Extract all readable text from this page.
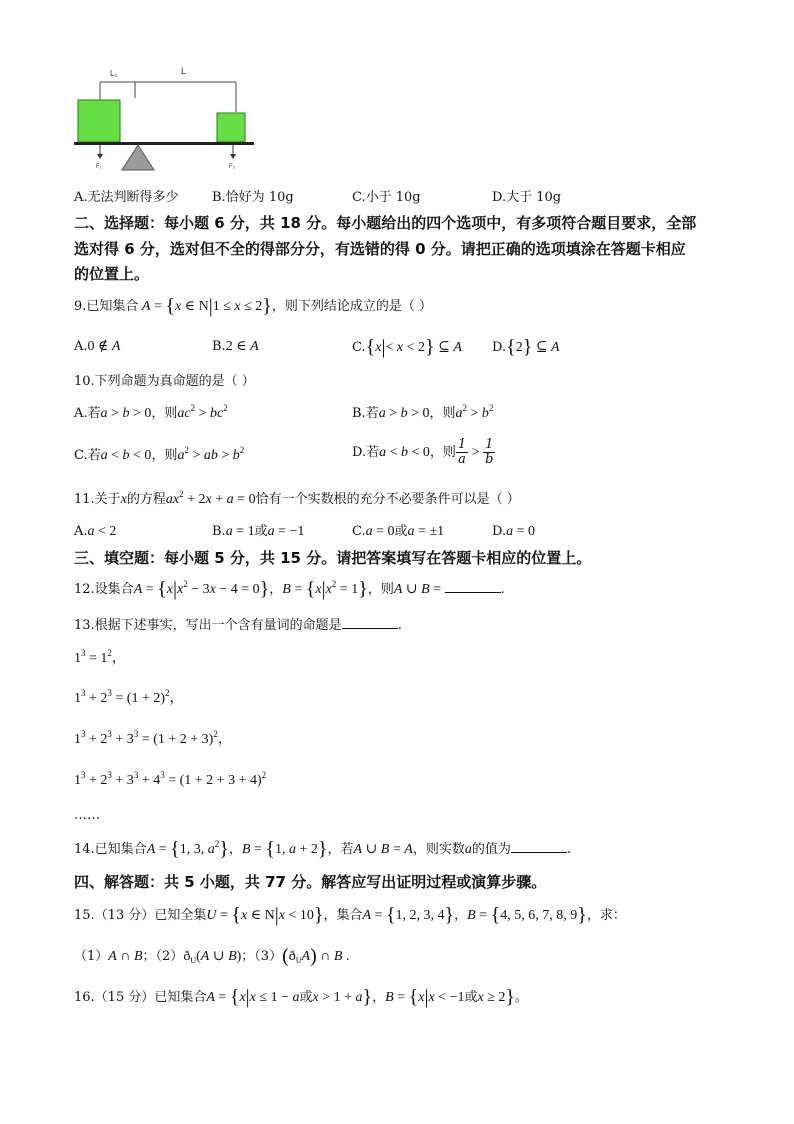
L₁	L
F₁	F₂
A.无法判断得多少	B.恰好为 10g	C.小于 10g	D.大于 10g
二、选择题：每小题 6 分，共 18 分。每小题给出的四个选项中，有多项符合题目要求，全部
选对得 6 分，选对但不全的得部分分，有选错的得 0 分。请把正确的选项填涂在答题卡相应
的位置上。
9.已知集合 A = {x ∈ N|1 ≤ x ≤ 2}，则下列结论成立的是（ ）
A.0 ∉ A	B.2 ∈ A	C.{x|< x < 2} ⊆ A D.{2} ⊆ A
10.下列命题为真命题的是（ ）
A.若a > b > 0，则$ac^2 > bc^2$	B.若a > b > 0，则$a^2 > b^2$
C.若a < b < 0，则$a^2$ > ab > $b^2$	D.若a < b < 0，则 $\frac{1}{a} > \frac{1}{b}$
11.关于x的方程$ax^2 + 2x + a = 0$恰有一个实数根的充分不必要条件可以是（ ）
A.a < 2	B.a = 1或a = −1	C.a = 0或a = ±1	D.a = 0
三、填空题：每小题 5 分，共 15 分。请把答案填写在答题卡相应的位置上。
12.设集合$A = \{x|x^2 - 3x - 4 = 0\}$，$B = \{x|x^2 = 1\}$，则A ∪ B =	.
13.根据下述事实，写出一个含有量词的命题是	.
$1^3 = 1^2$，
$1^3 + 2^3 = (1 + 2)^2$，
$1^3 + 2^3 + 3^3 = (1 + 2 + 3)^2$，
$1^3 + 2^3 + 3^3 + 4^3 = (1 + 2 + 3 + 4)^2$
……
14.已知集合A = {1, 3, $a^2$}，B = {1, a + 2}，若A ∪ B = A，则实数a的值为	.
四、解答题：共 5 小题，共 77 分。解答应写出证明过程或演算步骤。
15.（13 分）已知全集U = {x ∈ N|x < 10}，集合A = {1, 2, 3, 4}，B = {4, 5, 6, 7, 8, 9}，求：
（1）A ∩ B；$(2)ð_U(A$ ∪ B)；$(3)(ð_UA)$ ∩ B .
16.（15 分）已知集合A = {x|x ≤ 1 − a或x > 1 + a}，B = {x|x < −1或x ≥ 2}。
